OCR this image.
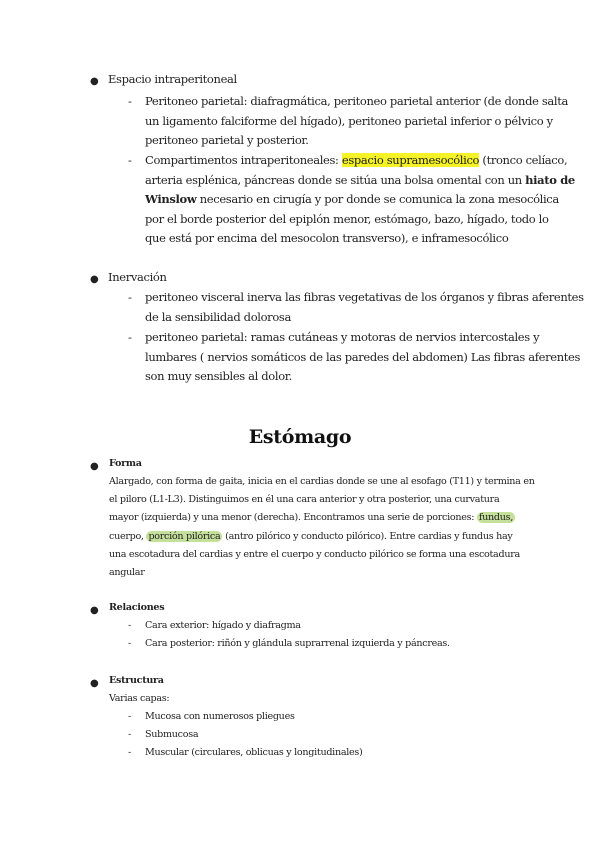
● Espacio intraperitoneal
- Peritoneo parietal: diafragmática, peritoneo parietal anterior (de donde salta

un ligamento falciforme del hígado), peritoneo parietal inferior o pélvico y

peritoneo parietal y posterior.

- Compartimentos intraperitoneales: espacio supramesocólico (tronco celíaco,

arteria esplénica, páncreas donde se sitúa una bolsa omental con un hiato de

Winslow necesario en cirugía y por donde se comunica la zona mesocólica

por el borde posterior del epiplón menor, estómago, bazo, hígado, todo lo

que está por encima del mesocolon transverso), e inframesocólico

● Inervación
- peritoneo visceral inerva las fibras vegetativas de los órganos y fibras aferentes

de la sensibilidad dolorosa

- peritoneo parietal: ramas cutáneas y motoras de nervios intercostales y

lumbares ( nervios somáticos de las paredes del abdomen) Las fibras aferentes

son muy sensibles al dolor.

Estómago
● Forma

Alargado, con forma de gaita, inicia en el cardias donde se une al esofago (T11) y termina en

el piloro (L1-L3). Distinguimos en él una cara anterior y otra posterior, una curvatura

mayor (izquierda) y una menor (derecha). Encontramos una serie de porciones: fundus,

cuerpo, porción pilórica (antro pilórico y conducto pilórico). Entre cardias y fundus hay

una escotadura del cardias y entre el cuerpo y conducto pilórico se forma una escotadura

angular

● Relaciones
- Cara exterior: hígado y diafragma
- Cara posterior: riñón y glándula suprarrenal izquierda y páncreas.
● Estructura
Varias capas:
- Mucosa con numerosos pliegues
- Submucosa
- Muscular (circulares, oblicuas y longitudinales)
